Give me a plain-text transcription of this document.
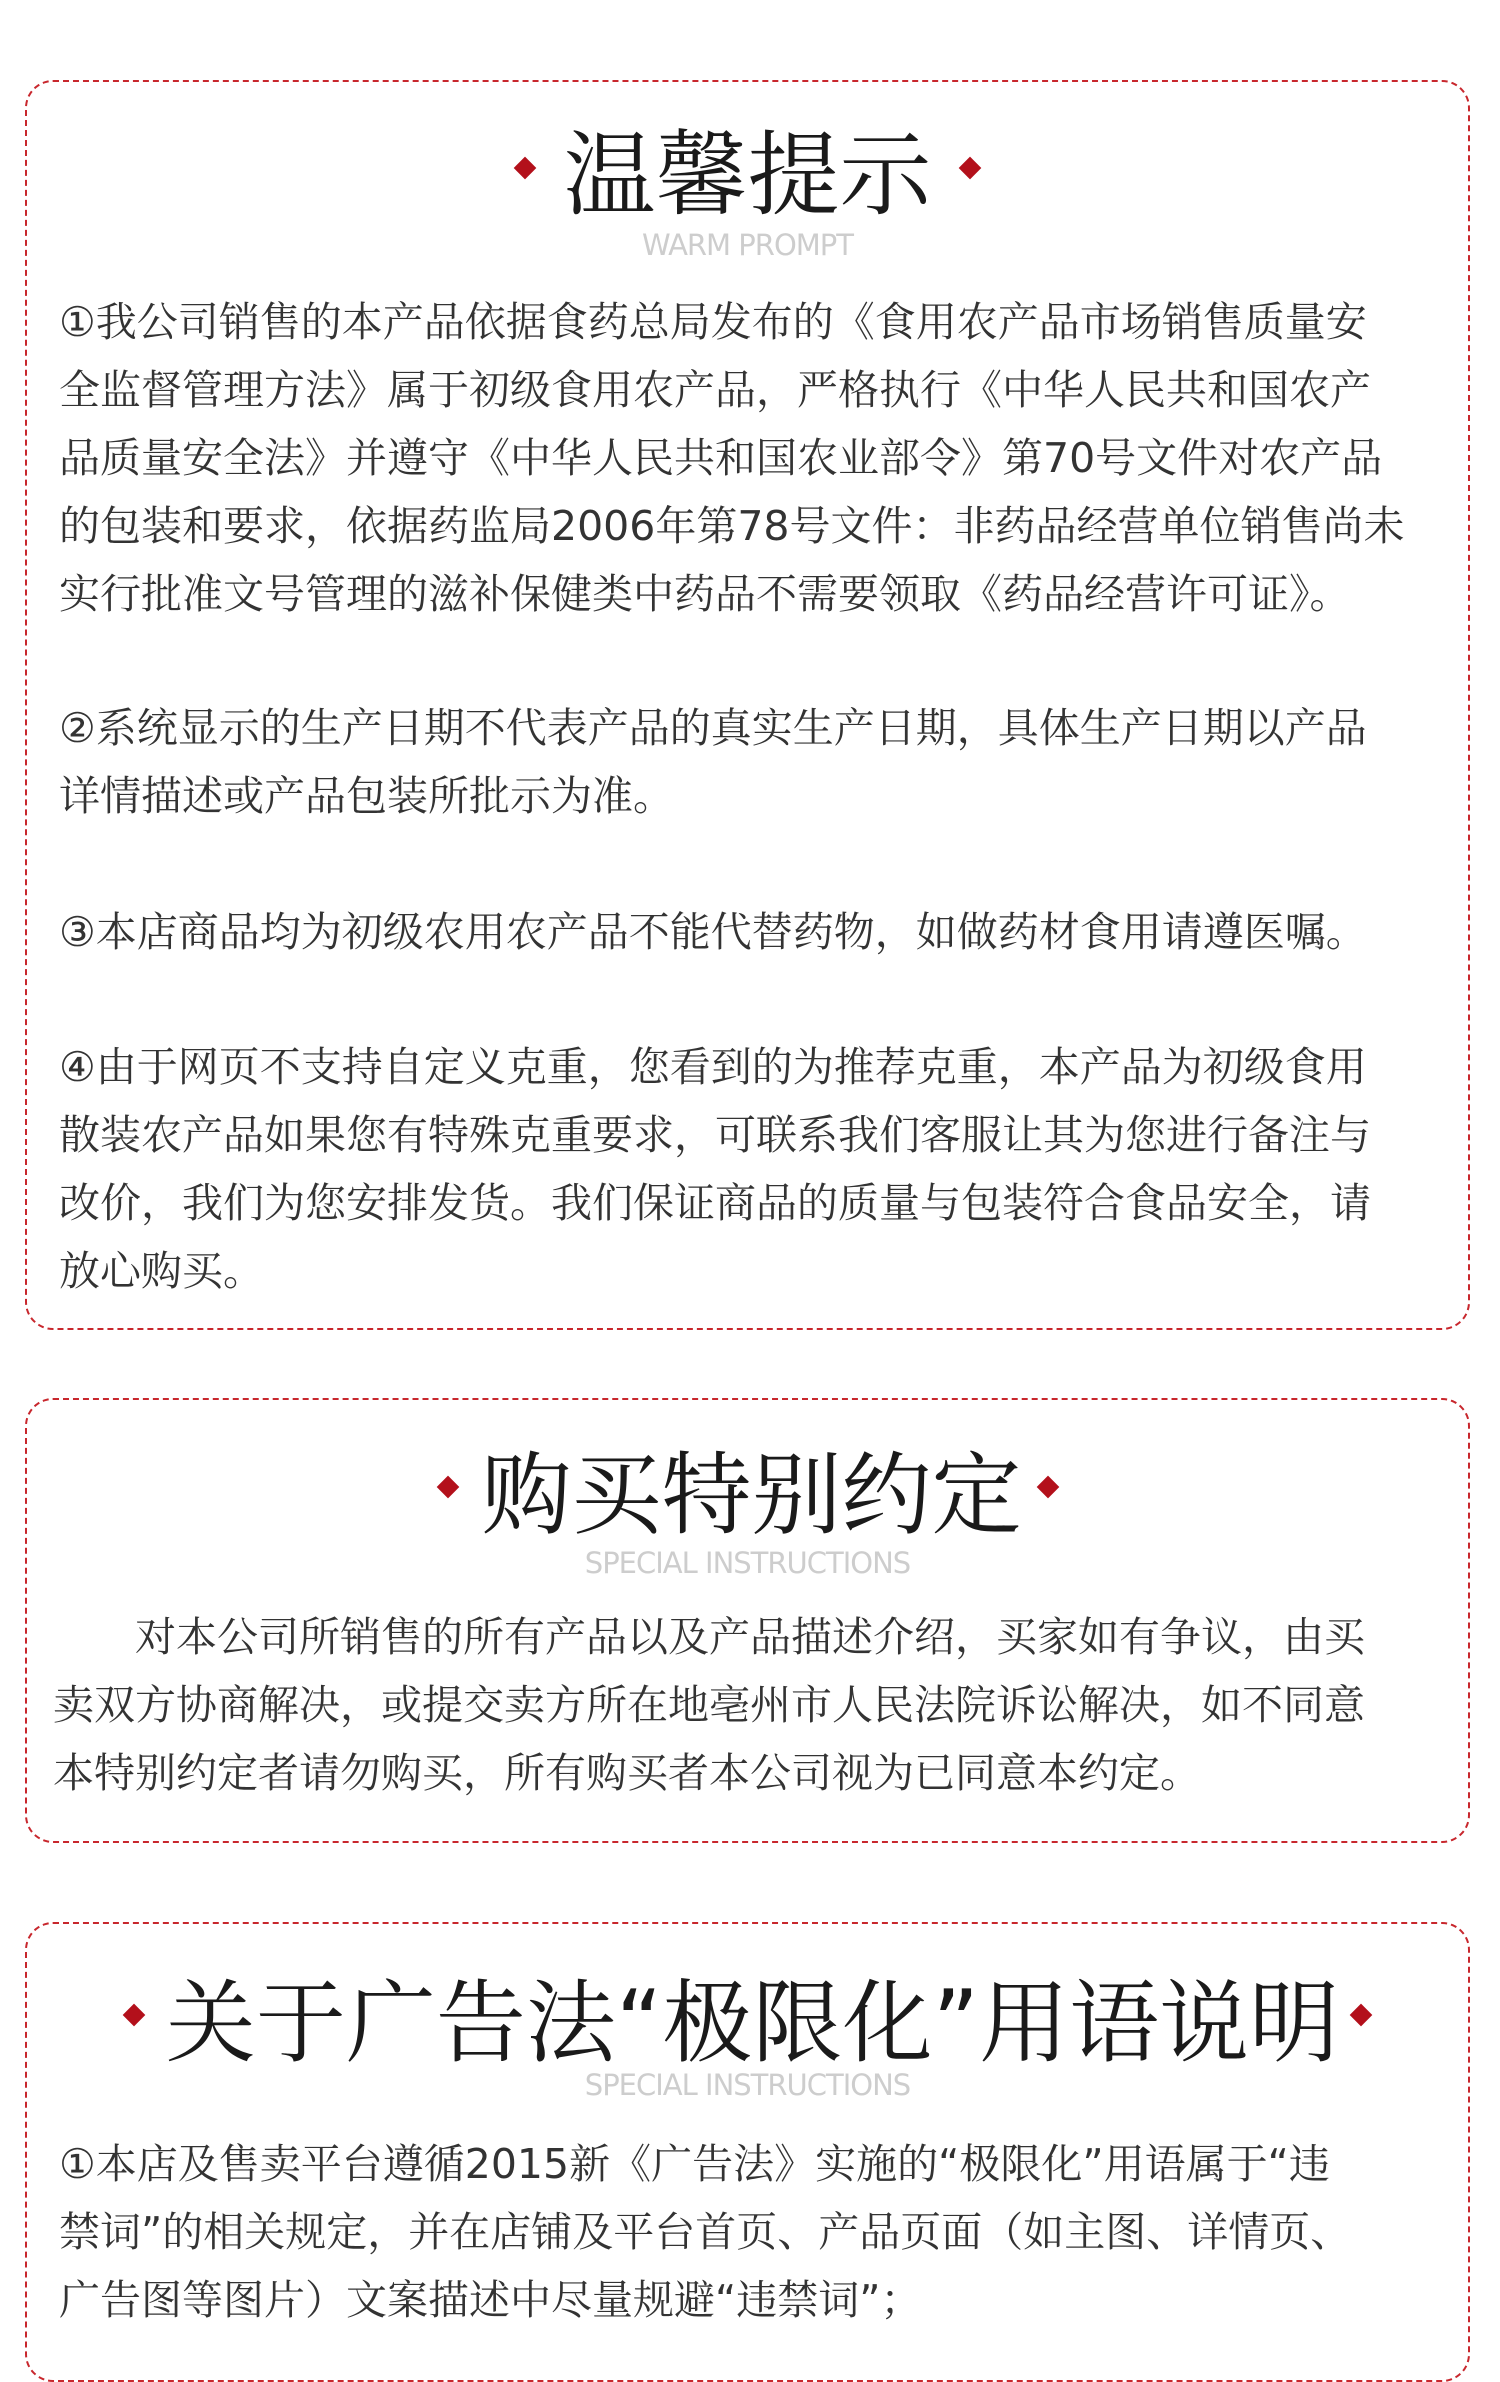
温馨提示
WARM PROMPT

①我公司销售的本产品依据食药总局发布的《食用农产品市场销售质量安
全监督管理方法》属于初级食用农产品，严格执行《中华人民共和国农产
品质量安全法》并遵守《中华人民共和国农业部令》第70号文件对农产品
的包装和要求，依据药监局2006年第78号文件：非药品经营单位销售尚未
实行批准文号管理的滋补保健类中药品不需要领取《药品经营许可证》。

②系统显示的生产日期不代表产品的真实生产日期，具体生产日期以产品
详情描述或产品包装所批示为准。

③本店商品均为初级农用农产品不能代替药物，如做药材食用请遵医嘱。

④由于网页不支持自定义克重，您看到的为推荐克重，本产品为初级食用
散装农产品如果您有特殊克重要求，可联系我们客服让其为您进行备注与
改价，我们为您安排发货。我们保证商品的质量与包装符合食品安全，请
放心购买。

购买特别约定
SPECIAL INSTRUCTIONS

　　对本公司所销售的所有产品以及产品描述介绍，买家如有争议，由买
卖双方协商解决，或提交卖方所在地亳州市人民法院诉讼解决，如不同意
本特别约定者请勿购买，所有购买者本公司视为已同意本约定。

关于广告法“极限化”用语说明
SPECIAL INSTRUCTIONS

①本店及售卖平台遵循2015新《广告法》实施的“极限化”用语属于“违
禁词”的相关规定，并在店铺及平台首页、产品页面（如主图、详情页、
广告图等图片）文案描述中尽量规避“违禁词”；
